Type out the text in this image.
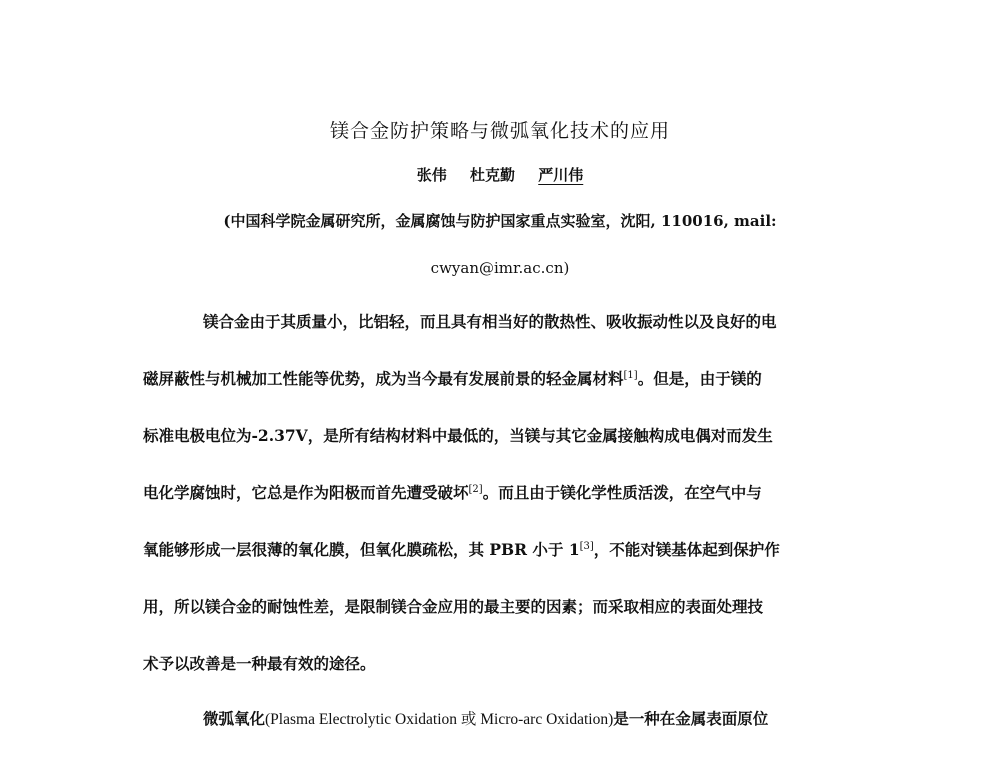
镁合金防护策略与微弧氧化技术的应用
张伟 杜克勤 严川伟
(中国科学院金属研究所，金属腐蚀与防护国家重点实验室，沈阳, 110016, mail:
cwyan@imr.ac.cn)
镁合金由于其质量小，比铝轻，而且具有相当好的散热性、吸收振动性以及良好的电
磁屏蔽性与机械加工性能等优势，成为当今最有发展前景的轻金属材料[1]。但是，由于镁的
标准电极电位为-2.37V，是所有结构材料中最低的，当镁与其它金属接触构成电偶对而发生
电化学腐蚀时，它总是作为阳极而首先遭受破坏[2]。而且由于镁化学性质活泼，在空气中与
氧能够形成一层很薄的氧化膜，但氧化膜疏松，其 PBR 小于 1[3]，不能对镁基体起到保护作
用，所以镁合金的耐蚀性差，是限制镁合金应用的最主要的因素；而采取相应的表面处理技
术予以改善是一种最有效的途径。
微弧氧化(Plasma Electrolytic Oxidation 或 Micro-arc Oxidation)是一种在金属表面原位
